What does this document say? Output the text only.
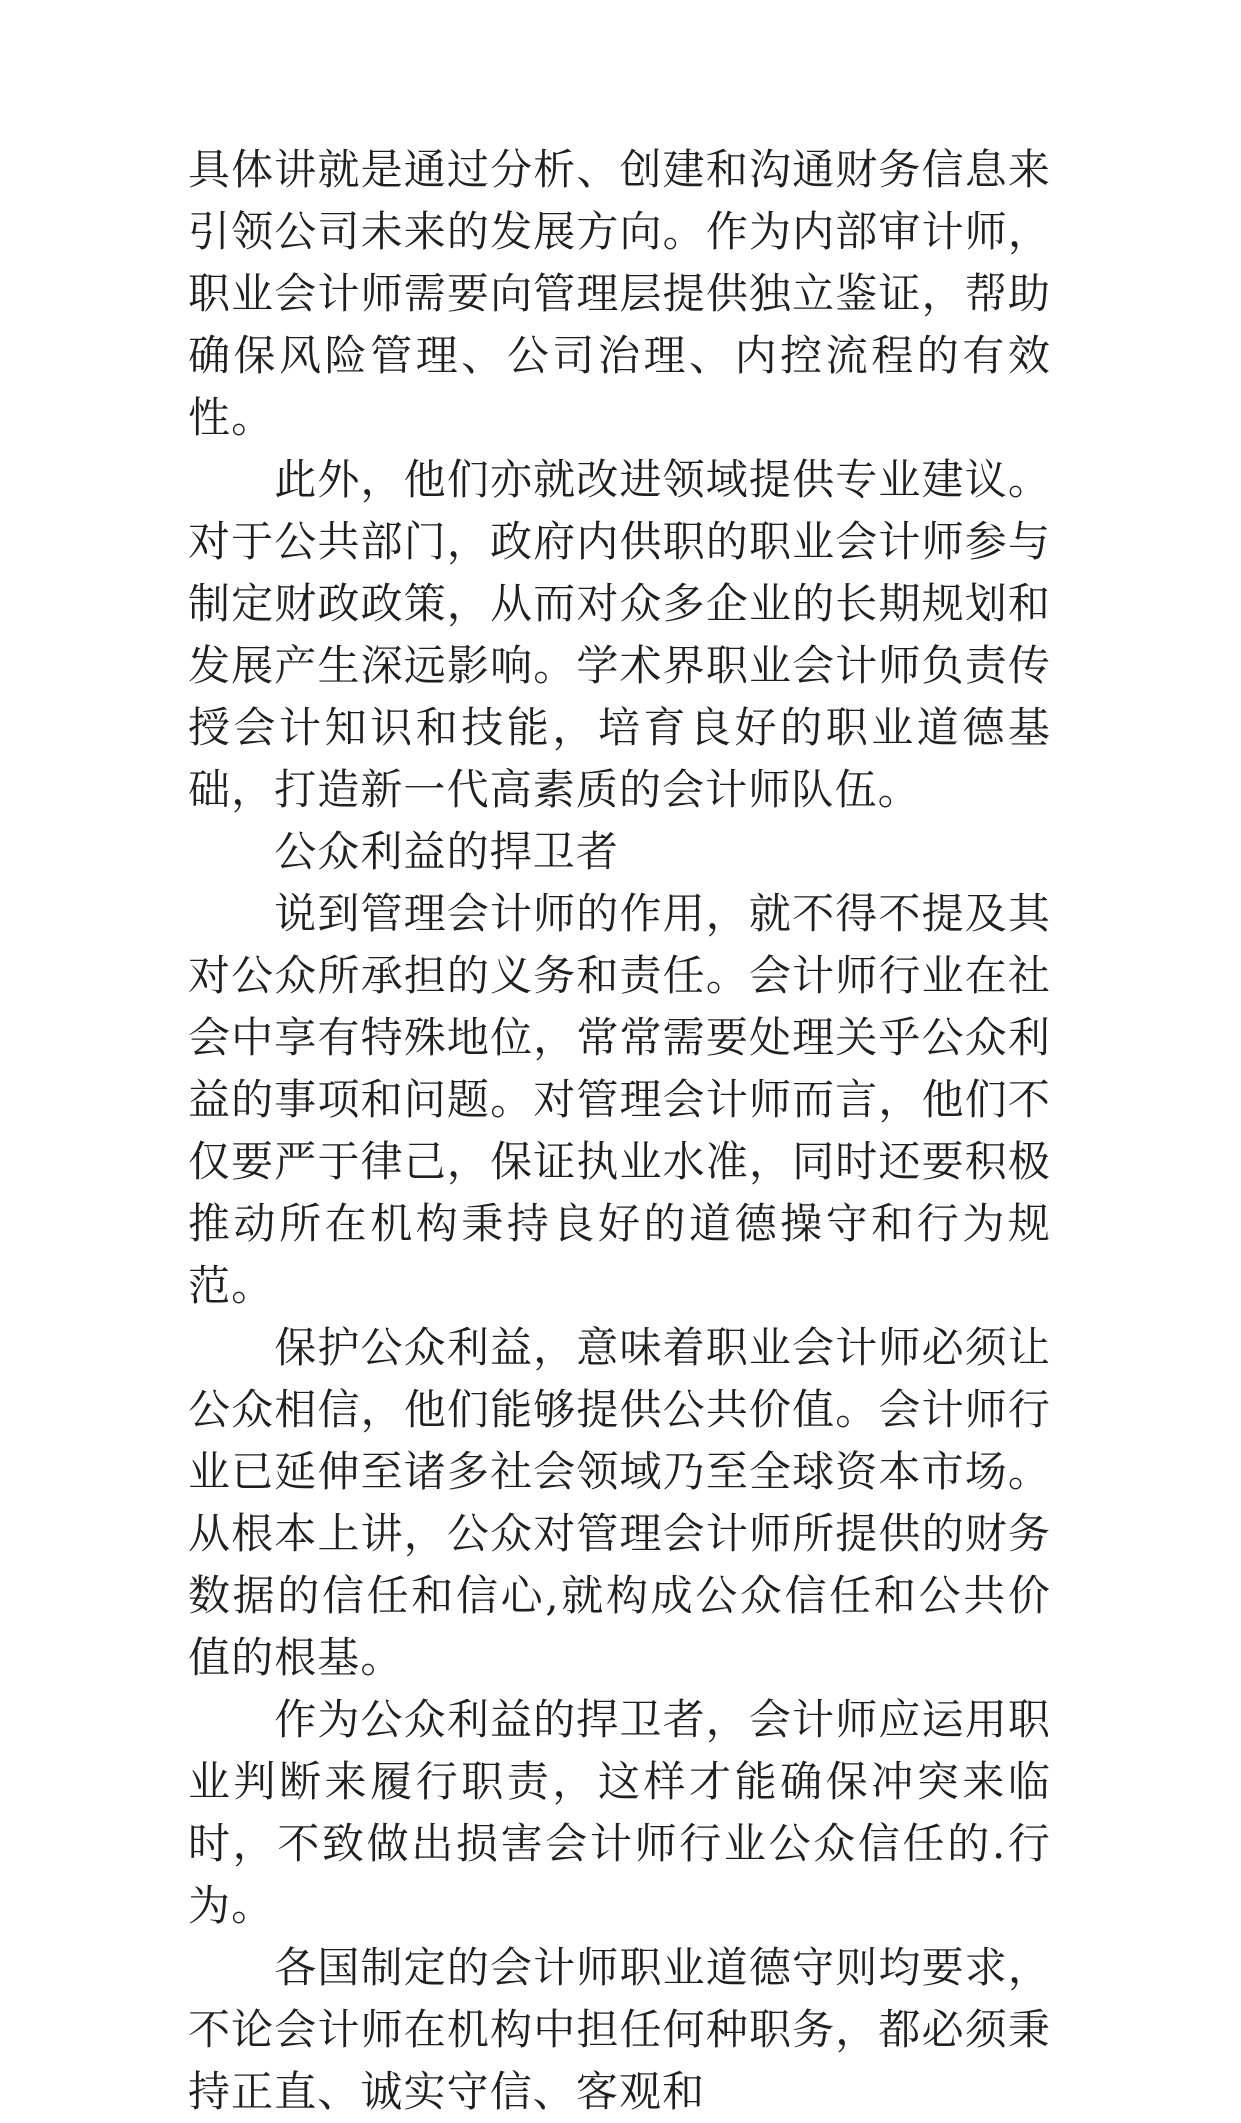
具体讲就是通过分析、创建和沟通财务信息来引领公司未来的发展方向。作为内部审计师，职业会计师需要向管理层提供独立鉴证，帮助确保风险管理、公司治理、内控流程的有效性。

此外，他们亦就改进领域提供专业建议。对于公共部门，政府内供职的职业会计师参与制定财政政策，从而对众多企业的长期规划和发展产生深远影响。学术界职业会计师负责传授会计知识和技能，培育良好的职业道德基础，打造新一代高素质的会计师队伍。

公众利益的捍卫者

说到管理会计师的作用，就不得不提及其对公众所承担的义务和责任。会计师行业在社会中享有特殊地位，常常需要处理关乎公众利益的事项和问题。对管理会计师而言，他们不仅要严于律己，保证执业水准，同时还要积极推动所在机构秉持良好的道德操守和行为规范。

保护公众利益，意味着职业会计师必须让公众相信，他们能够提供公共价值。会计师行业已延伸至诸多社会领域乃至全球资本市场。从根本上讲，公众对管理会计师所提供的财务数据的信任和信心,就构成公众信任和公共价值的根基。

作为公众利益的捍卫者，会计师应运用职业判断来履行职责，这样才能确保冲突来临时，不致做出损害会计师行业公众信任的.行为。

各国制定的会计师职业道德守则均要求，不论会计师在机构中担任何种职务，都必须秉持正直、诚实守信、客观和
